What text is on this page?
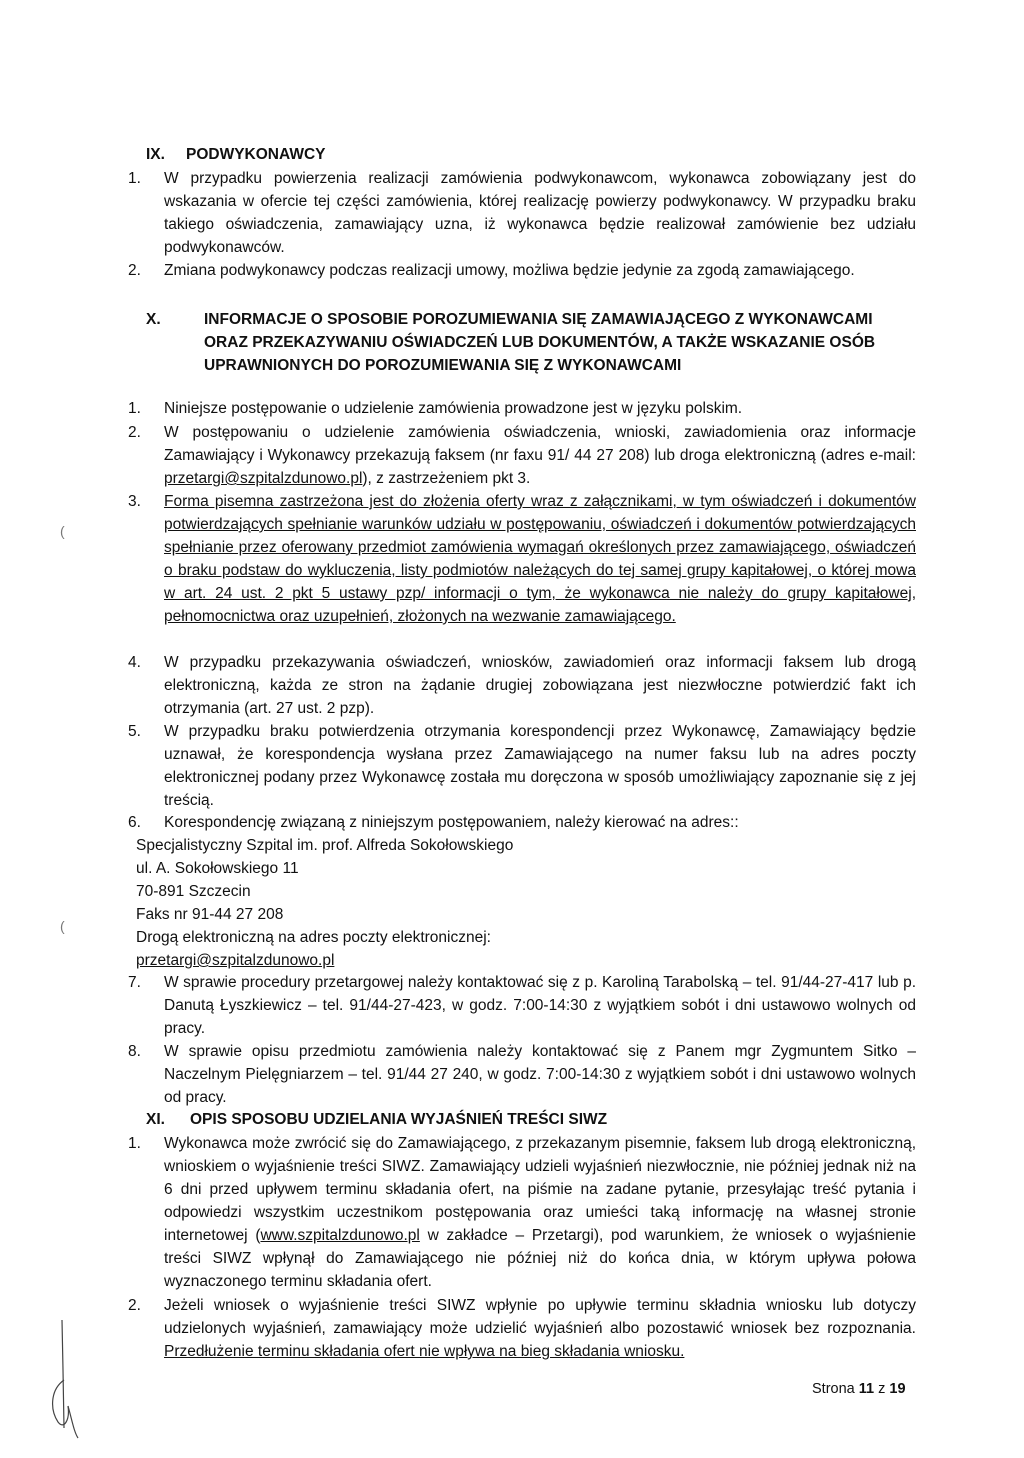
IX. PODWYKONAWCY
1. W przypadku powierzenia realizacji zamówienia podwykonawcom, wykonawca zobowiązany jest do wskazania w ofercie tej części zamówienia, której realizację powierzy podwykonawcy. W przypadku braku takiego oświadczenia, zamawiający uzna, iż wykonawca będzie realizował zamówienie bez udziału podwykonawców.
2. Zmiana podwykonawcy podczas realizacji umowy, możliwa będzie jedynie za zgodą zamawiającego.
X.	INFORMACJE O SPOSOBIE POROZUMIEWANIA SIĘ ZAMAWIAJĄCEGO Z WYKONAWCAMI ORAZ PRZEKAZYWANIU OŚWIADCZEŃ LUB DOKUMENTÓW, A TAKŻE WSKAZANIE OSÓB UPRAWNIONYCH DO POROZUMIEWANIA SIĘ Z WYKONAWCAMI
1. Niniejsze postępowanie o udzielenie zamówienia prowadzone jest w języku polskim.
2. W postępowaniu o udzielenie zamówienia oświadczenia, wnioski, zawiadomienia oraz informacje Zamawiający i Wykonawcy przekazują faksem (nr faxu 91/ 44 27 208) lub droga elektroniczną (adres e-mail: przetargi@szpitalzdunowo.pl), z zastrzeżeniem pkt 3.
3. Forma pisemna zastrzeżona jest do złożenia oferty wraz z załącznikami, w tym oświadczeń i dokumentów potwierdzających spełnianie warunków udziału w postępowaniu, oświadczeń i dokumentów potwierdzających spełnianie przez oferowany przedmiot zamówienia wymagań określonych przez zamawiającego, oświadczeń o braku podstaw do wykluczenia, listy podmiotów należących do tej samej grupy kapitałowej, o której mowa w art. 24 ust. 2 pkt 5 ustawy pzp/ informacji o tym, że wykonawca nie należy do grupy kapitałowej, pełnomocnictwa oraz uzupełnień, złożonych na wezwanie zamawiającego.
4. W przypadku przekazywania oświadczeń, wniosków, zawiadomień oraz informacji faksem lub drogą elektroniczną, każda ze stron na żądanie drugiej zobowiązana jest niezwłoczne potwierdzić fakt ich otrzymania (art. 27 ust. 2 pzp).
5. W przypadku braku potwierdzenia otrzymania korespondencji przez Wykonawcę, Zamawiający będzie uznawał, że korespondencja wysłana przez Zamawiającego na numer faksu lub na adres poczty elektronicznej podany przez Wykonawcę została mu doręczona w sposób umożliwiający zapoznanie się z jej treścią.
6. Korespondencję związaną z niniejszym postępowaniem, należy kierować na adres::
Specjalistyczny Szpital im. prof. Alfreda Sokołowskiego
ul. A. Sokołowskiego 11
70-891 Szczecin
Faks nr 91-44 27 208
Drogą elektroniczną na adres poczty elektronicznej:
przetargi@szpitalzdunowo.pl
7. W sprawie procedury przetargowej należy kontaktować się z p. Karoliną Tarabolską – tel. 91/44-27-417 lub p. Danutą Łyszkiewicz – tel. 91/44-27-423, w godz. 7:00-14:30 z wyjątkiem sobót i dni ustawowo wolnych od pracy.
8. W sprawie opisu przedmiotu zamówienia należy kontaktować się z Panem mgr Zygmuntem Sitko – Naczelnym Pielęgniarzem – tel. 91/44 27 240, w godz. 7:00-14:30 z wyjątkiem sobót i dni ustawowo wolnych od pracy.
XI. OPIS SPOSOBU UDZIELANIA WYJAŚNIEŃ TREŚCI SIWZ
1. Wykonawca może zwrócić się do Zamawiającego, z przekazanym pisemnie, faksem lub drogą elektroniczną, wnioskiem o wyjaśnienie treści SIWZ. Zamawiający udzieli wyjaśnień niezwłocznie, nie później jednak niż na 6 dni przed upływem terminu składania ofert, na piśmie na zadane pytanie, przesyłając treść pytania i odpowiedzi wszystkim uczestnikom postępowania oraz umieści taką informację na własnej stronie internetowej (www.szpitalzdunowo.pl w zakładce – Przetargi), pod warunkiem, że wniosek o wyjaśnienie treści SIWZ wpłynął do Zamawiającego nie później niż do końca dnia, w którym upływa połowa wyznaczonego terminu składania ofert.
2. Jeżeli wniosek o wyjaśnienie treści SIWZ wpłynie po upływie terminu składnia wniosku lub dotyczy udzielonych wyjaśnień, zamawiający może udzielić wyjaśnień albo pozostawić wniosek bez rozpoznania. Przedłużenie terminu składania ofert nie wpływa na bieg składania wniosku.
Strona 11 z 19
(
(
